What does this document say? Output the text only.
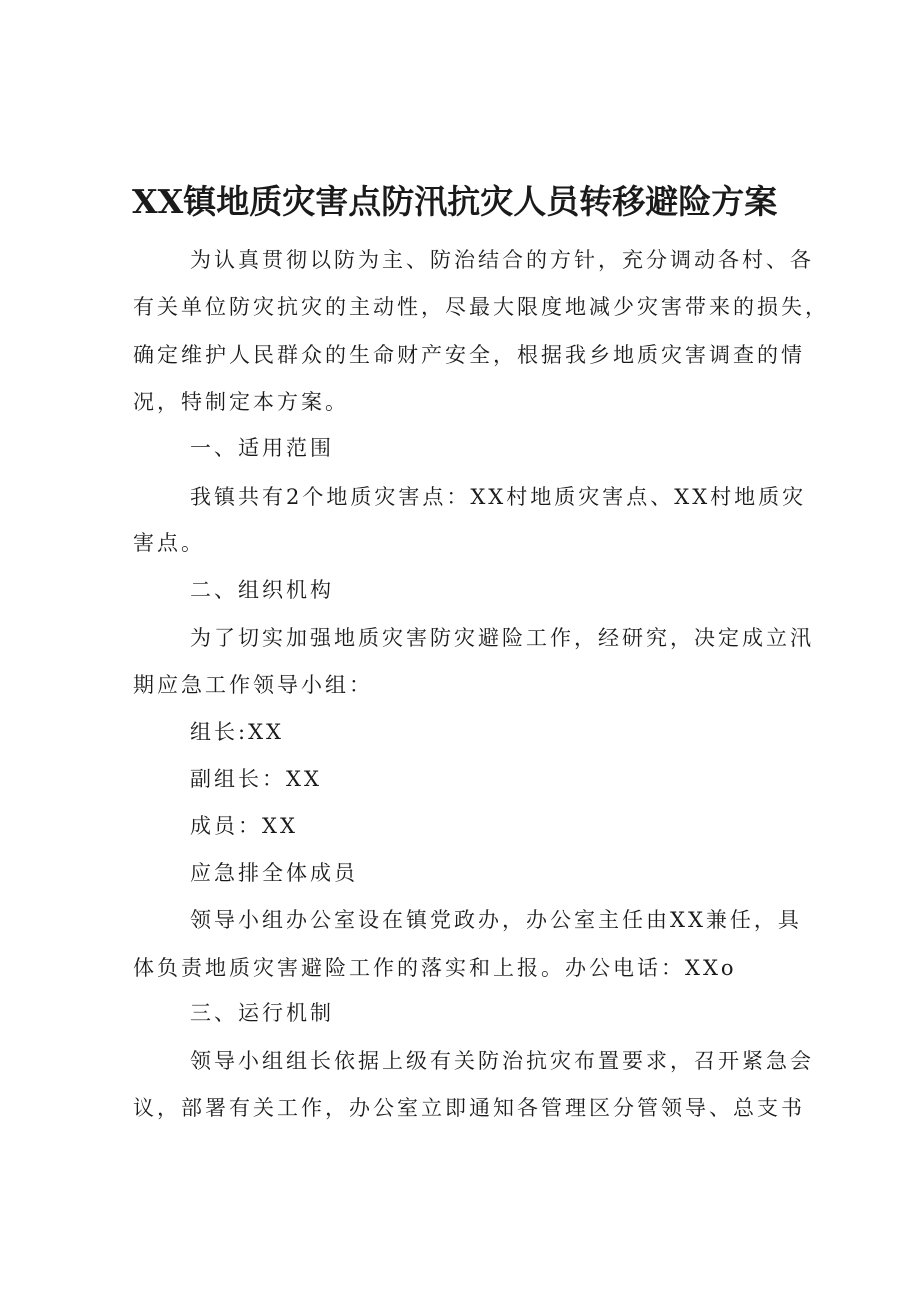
XX镇地质灾害点防汛抗灾人员转移避险方案

为认真贯彻以防为主、防治结合的方针，充分调动各村、各

有关单位防灾抗灾的主动性，尽最大限度地减少灾害带来的损失，

确定维护人民群众的生命财产安全，根据我乡地质灾害调查的情

况，特制定本方案。

一、适用范围

我镇共有2个地质灾害点：XX村地质灾害点、XX村地质灾

害点。

二、组织机构

为了切实加强地质灾害防灾避险工作，经研究，决定成立汛

期应急工作领导小组：

组长:XX

副组长：XX

成员：XX

应急排全体成员

领导小组办公室设在镇党政办，办公室主任由XX兼任，具

体负责地质灾害避险工作的落实和上报。办公电话：XXo

三、运行机制

领导小组组长依据上级有关防治抗灾布置要求，召开紧急会

议，部署有关工作，办公室立即通知各管理区分管领导、总支书
